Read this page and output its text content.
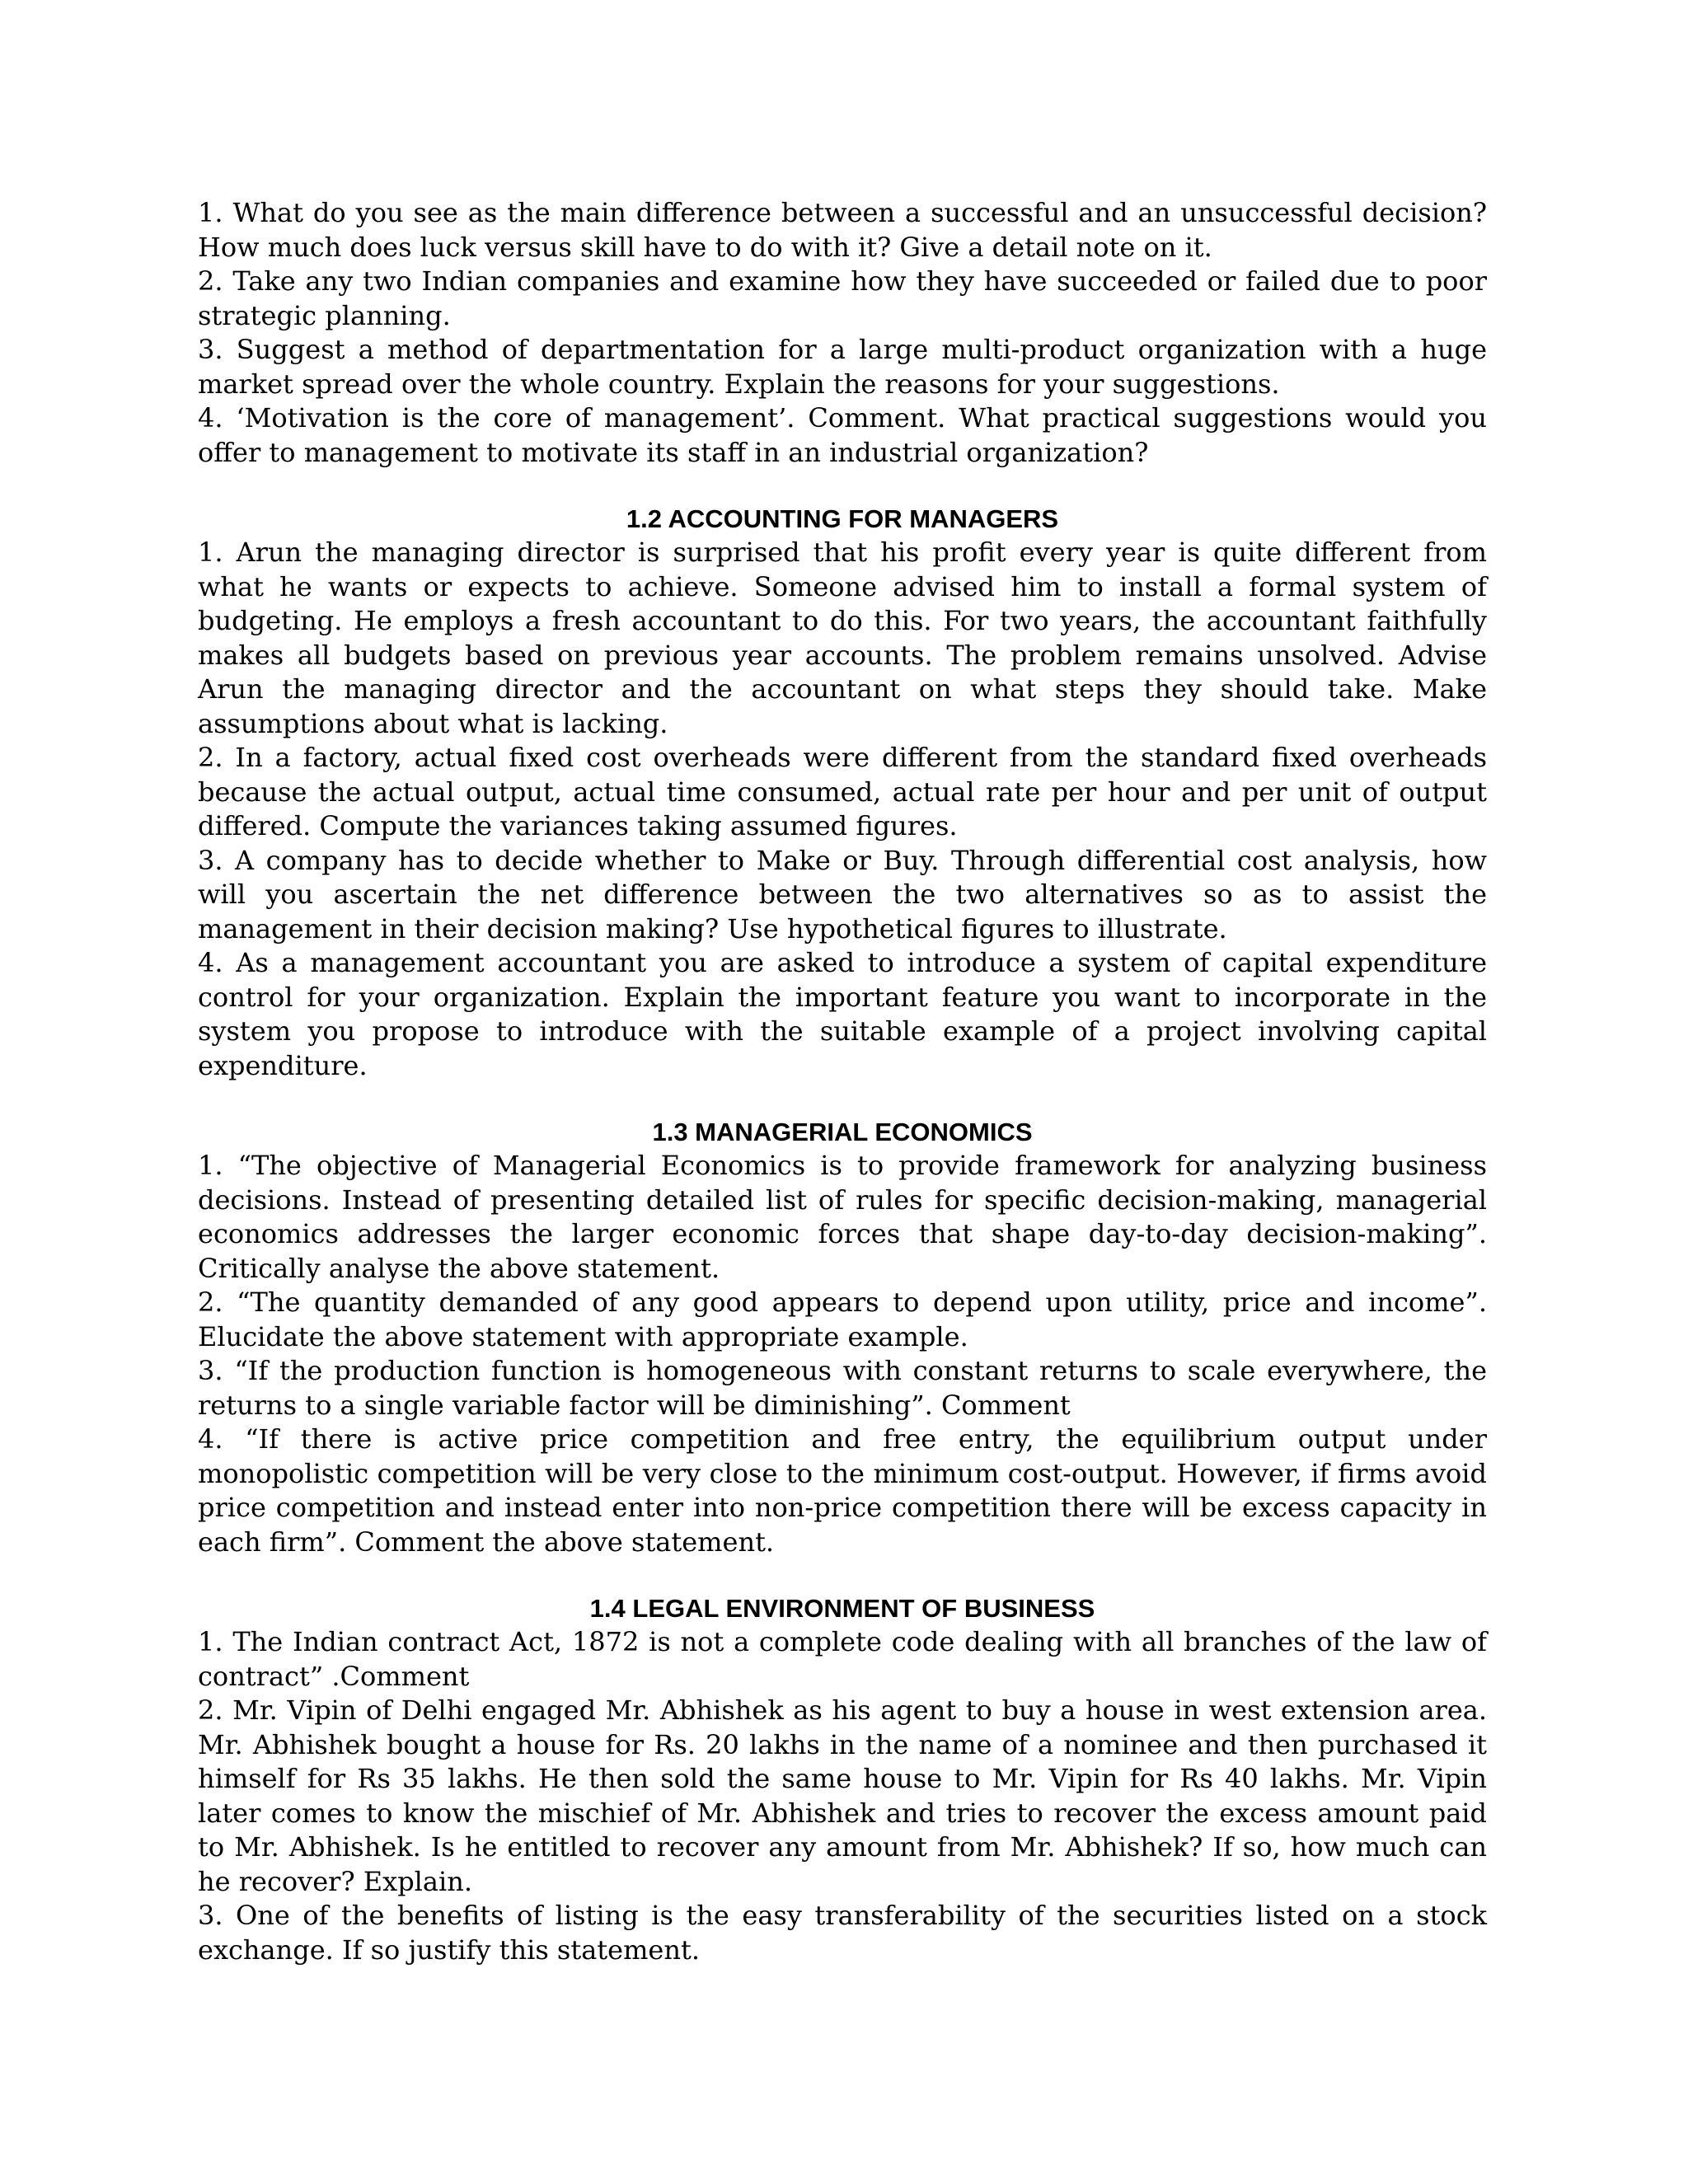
1. What do you see as the main difference between a successful and an unsuccessful decision? How much does luck versus skill have to do with it? Give a detail note on it.

2. Take any two Indian companies and examine how they have succeeded or failed due to poor strategic planning.

3. Suggest a method of departmentation for a large multi-product organization with a huge market spread over the whole country. Explain the reasons for your suggestions.

4. ‘Motivation is the core of management’. Comment. What practical suggestions would you offer to management to motivate its staff in an industrial organization?

1.2 ACCOUNTING FOR MANAGERS

1. Arun the managing director is surprised that his profit every year is quite different from what he wants or expects to achieve. Someone advised him to install a formal system of budgeting. He employs a fresh accountant to do this. For two years, the accountant faithfully makes all budgets based on previous year accounts. The problem remains unsolved. Advise Arun the managing director and the accountant on what steps they should take. Make assumptions about what is lacking.

2. In a factory, actual fixed cost overheads were different from the standard fixed overheads because the actual output, actual time consumed, actual rate per hour and per unit of output differed. Compute the variances taking assumed figures.

3. A company has to decide whether to Make or Buy. Through differential cost analysis, how will you ascertain the net difference between the two alternatives so as to assist the management in their decision making? Use hypothetical figures to illustrate.

4. As a management accountant you are asked to introduce a system of capital expenditure control for your organization. Explain the important feature you want to incorporate in the system you propose to introduce with the suitable example of a project involving capital expenditure.

1.3 MANAGERIAL ECONOMICS

1. “The objective of Managerial Economics is to provide framework for analyzing business decisions. Instead of presenting detailed list of rules for specific decision-making, managerial economics addresses the larger economic forces that shape day-to-day decision-making”. Critically analyse the above statement.

2. “The quantity demanded of any good appears to depend upon utility, price and income”. Elucidate the above statement with appropriate example.

3. “If the production function is homogeneous with constant returns to scale everywhere, the returns to a single variable factor will be diminishing”. Comment

4. “If there is active price competition and free entry, the equilibrium output under monopolistic competition will be very close to the minimum cost-output. However, if firms avoid price competition and instead enter into non-price competition there will be excess capacity in each firm”. Comment the above statement.

1.4 LEGAL ENVIRONMENT OF BUSINESS

1. The Indian contract Act, 1872 is not a complete code dealing with all branches of the law of contract” .Comment

2. Mr. Vipin of Delhi engaged Mr. Abhishek as his agent to buy a house in west extension area. Mr. Abhishek bought a house for Rs. 20 lakhs in the name of a nominee and then purchased it himself for Rs 35 lakhs. He then sold the same house to Mr. Vipin for Rs 40 lakhs. Mr. Vipin later comes to know the mischief of Mr. Abhishek and tries to recover the excess amount paid to Mr. Abhishek. Is he entitled to recover any amount from Mr. Abhishek? If so, how much can he recover? Explain.

3. One of the benefits of listing is the easy transferability of the securities listed on a stock exchange. If so justify this statement.
